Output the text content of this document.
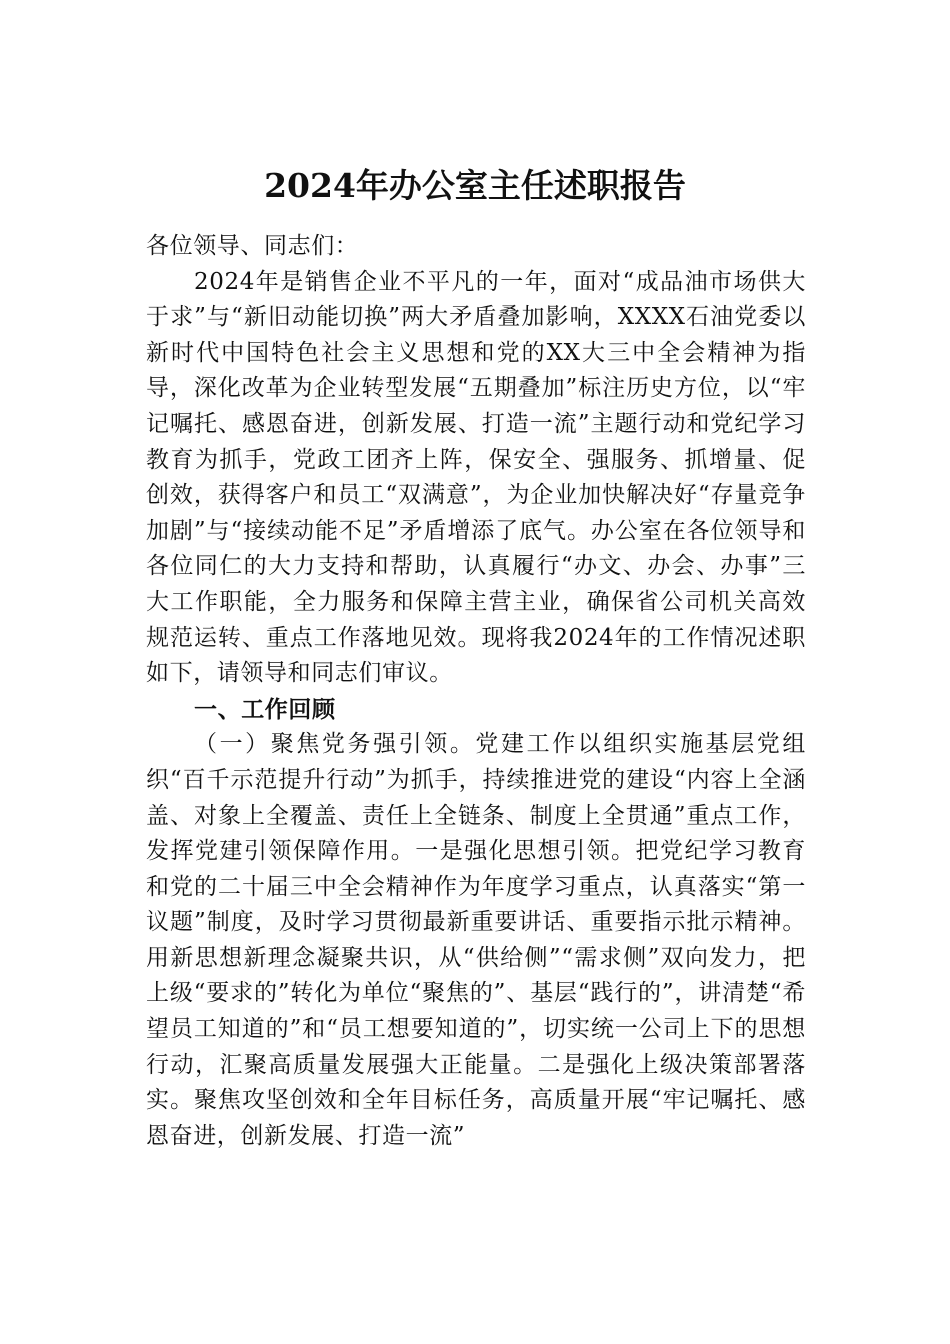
2024年办公室主任述职报告

各位领导、同志们：

2024年是销售企业不平凡的一年，面对“成品油市场供大于求”与“新旧动能切换”两大矛盾叠加影响，XXXX石油党委以新时代中国特色社会主义思想和党的XX大三中全会精神为指导，深化改革为企业转型发展“五期叠加”标注历史方位，以“牢记嘱托、感恩奋进，创新发展、打造一流”主题行动和党纪学习教育为抓手，党政工团齐上阵，保安全、强服务、抓增量、促创效，获得客户和员工“双满意”，为企业加快解决好“存量竞争加剧”与“接续动能不足”矛盾增添了底气。办公室在各位领导和各位同仁的大力支持和帮助，认真履行“办文、办会、办事”三大工作职能，全力服务和保障主营主业，确保省公司机关高效规范运转、重点工作落地见效。现将我2024年的工作情况述职如下，请领导和同志们审议。

一、工作回顾

（一）聚焦党务强引领。党建工作以组织实施基层党组织“百千示范提升行动”为抓手，持续推进党的建设“内容上全涵盖、对象上全覆盖、责任上全链条、制度上全贯通”重点工作，发挥党建引领保障作用。一是强化思想引领。把党纪学习教育和党的二十届三中全会精神作为年度学习重点，认真落实“第一议题”制度，及时学习贯彻最新重要讲话、重要指示批示精神。用新思想新理念凝聚共识，从“供给侧”“需求侧”双向发力，把上级“要求的”转化为单位“聚焦的”、基层“践行的”，讲清楚“希望员工知道的”和“员工想要知道的”，切实统一公司上下的思想行动，汇聚高质量发展强大正能量。二是强化上级决策部署落实。聚焦攻坚创效和全年目标任务，高质量开展“牢记嘱托、感恩奋进，创新发展、打造一流”
